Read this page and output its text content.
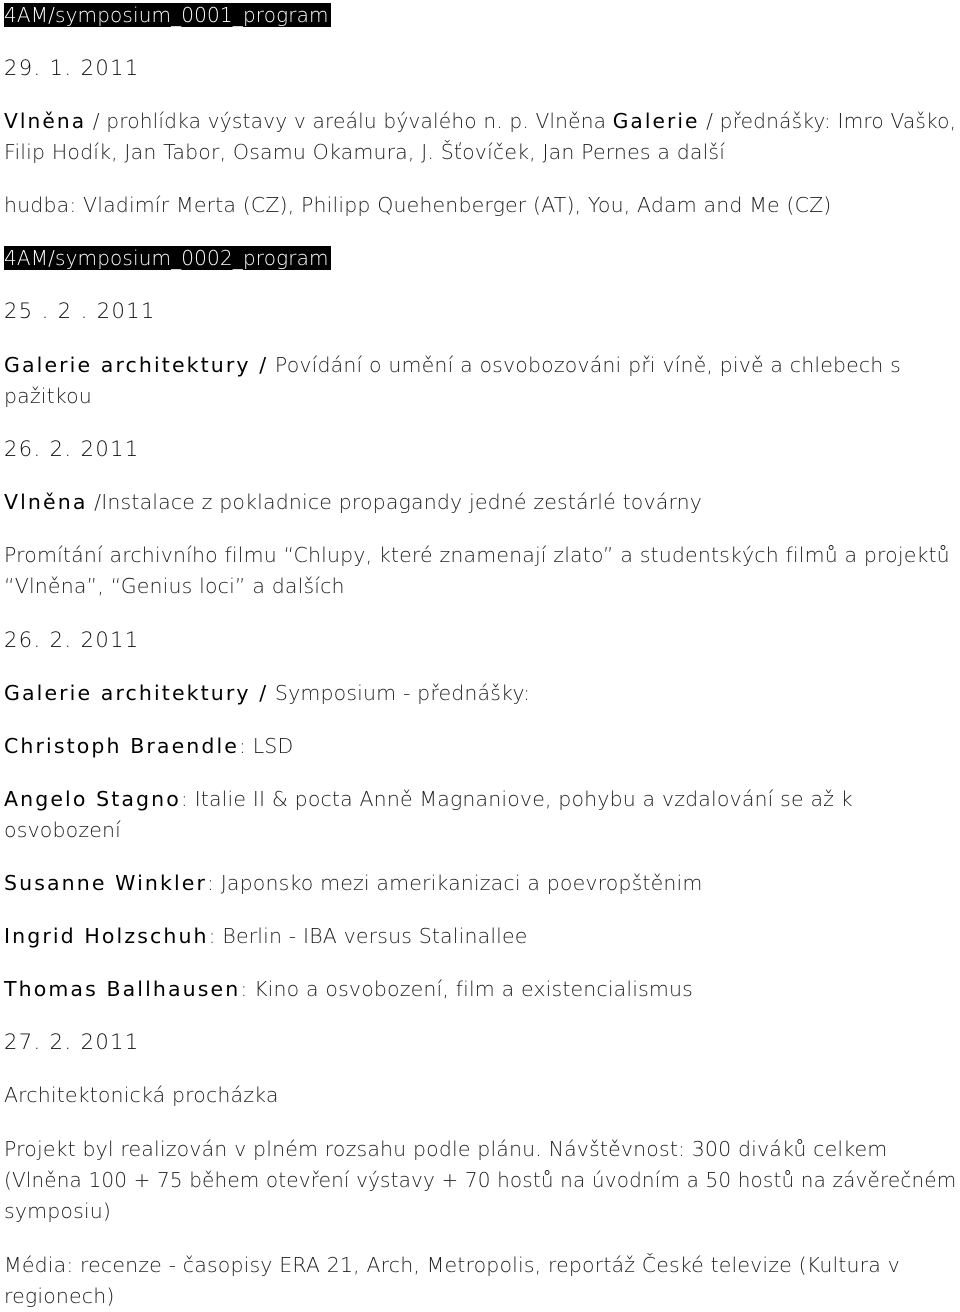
4AM/symposium_0001_program
29. 1. 2011
Vlněna / prohlídka výstavy v areálu bývalého n. p. Vlněna Galerie / přednášky: Imro Vaško,
Filip Hodík, Jan Tabor, Osamu Okamura, J. Šťovíček, Jan Pernes a další
hudba: Vladimír Merta (CZ), Philipp Quehenberger (AT), You, Adam and Me (CZ)
4AM/symposium_0002_program
25 . 2 . 2011
Galerie architektury / Povídání o umění a osvobozováni při víně, pivě a chlebech s
pažitkou
26. 2. 2011
Vlněna /Instalace z pokladnice propagandy jedné zestárlé továrny
Promítání archivního filmu “Chlupy, které znamenají zlato” a studentských filmů a projektů
“Vlněna”, “Genius loci” a dalších
26. 2. 2011
Galerie architektury / Symposium - přednášky:
Christoph Braendle: LSD
Angelo Stagno: Italie II & pocta Anně Magnaniove, pohybu a vzdalování se až k
osvobození
Susanne Winkler: Japonsko mezi amerikanizaci a poevropštěnim
Ingrid Holzschuh: Berlin - IBA versus Stalinallee
Thomas Ballhausen: Kino a osvobození, film a existencialismus
27. 2. 2011
Architektonická procházka
Projekt byl realizován v plném rozsahu podle plánu. Návštěvnost: 300 diváků celkem
(Vlněna 100 + 75 během otevření výstavy + 70 hostů na úvodním a 50 hostů na závěrečném
symposiu)
Média: recenze - časopisy ERA 21, Arch, Metropolis, reportáž České televize (Kultura v
regionech)
